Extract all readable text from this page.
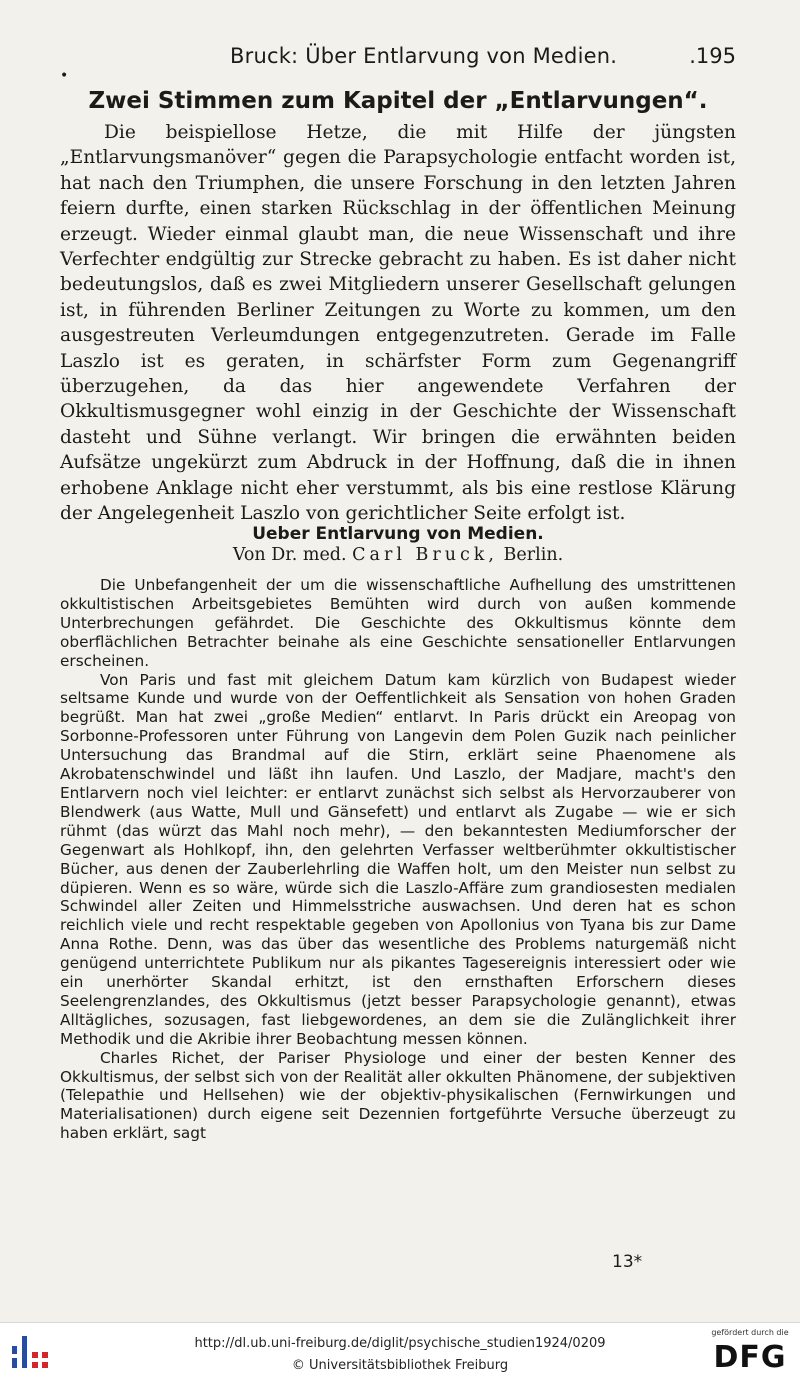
Bruck: Über Entlarvung von Medien.	.195
•
Zwei Stimmen zum Kapitel der „Entlarvungen“.

Die beispiellose Hetze, die mit Hilfe der jüngsten „Entlarvungsmanöver“ gegen die Parapsychologie entfacht worden ist, hat nach den Triumphen, die unsere Forschung in den letzten Jahren feiern durfte, einen starken Rückschlag in der öffentlichen Meinung erzeugt. Wieder einmal glaubt man, die neue Wissenschaft und ihre Verfechter endgültig zur Strecke gebracht zu haben. Es ist daher nicht bedeutungslos, daß es zwei Mitgliedern unserer Gesellschaft gelungen ist, in führenden Berliner Zeitungen zu Worte zu kommen, um den ausgestreuten Verleumdungen entgegenzutreten. Gerade im Falle Laszlo ist es geraten, in schärfster Form zum Gegenangriff überzugehen, da das hier angewendete Verfahren der Okkultismusgegner wohl einzig in der Geschichte der Wissenschaft dasteht und Sühne verlangt. Wir bringen die erwähnten beiden Aufsätze ungekürzt zum Abdruck in der Hoffnung, daß die in ihnen erhobene Anklage nicht eher verstummt, als bis eine restlose Klärung der Angelegenheit Laszlo von gerichtlicher Seite erfolgt ist.

Ueber Entlarvung von Medien.
Von Dr. med. Carl Bruck, Berlin.

Die Unbefangenheit der um die wissenschaftliche Aufhellung des umstrittenen okkultistischen Arbeitsgebietes Bemühten wird durch von außen kommende Unterbrechungen gefährdet. Die Geschichte des Okkultismus könnte dem oberflächlichen Betrachter beinahe als eine Geschichte sensationeller Entlarvungen erscheinen.

Von Paris und fast mit gleichem Datum kam kürzlich von Budapest wieder seltsame Kunde und wurde von der Oeffentlichkeit als Sensation von hohen Graden begrüßt. Man hat zwei „große Medien“ entlarvt. In Paris drückt ein Areopag von Sorbonne-Professoren unter Führung von Langevin dem Polen Guzik nach peinlicher Untersuchung das Brandmal auf die Stirn, erklärt seine Phaenomene als Akrobatenschwindel und läßt ihn laufen. Und Laszlo, der Madjare, macht's den Entlarvern noch viel leichter: er entlarvt zunächst sich selbst als Hervorzauberer von Blendwerk (aus Watte, Mull und Gänsefett) und entlarvt als Zugabe — wie er sich rühmt (das würzt das Mahl noch mehr), — den bekanntesten Mediumforscher der Gegenwart als Hohlkopf, ihn, den gelehrten Verfasser weltberühmter okkultistischer Bücher, aus denen der Zauberlehrling die Waffen holt, um den Meister nun selbst zu düpieren. Wenn es so wäre, würde sich die Laszlo-Affäre zum grandiosesten medialen Schwindel aller Zeiten und Himmelsstriche auswachsen. Und deren hat es schon reichlich viele und recht respektable gegeben von Apollonius von Tyana bis zur Dame Anna Rothe. Denn, was das über das wesentliche des Problems naturgemäß nicht genügend unterrichtete Publikum nur als pikantes Tagesereignis interessiert oder wie ein unerhörter Skandal erhitzt, ist den ernsthaften Erforschern dieses Seelengrenzlandes, des Okkultismus (jetzt besser Parapsychologie genannt), etwas Alltägliches, sozusagen, fast liebgewordenes, an dem sie die Zulänglichkeit ihrer Methodik und die Akribie ihrer Beobachtung messen können.

Charles Richet, der Pariser Physiologe und einer der besten Kenner des Okkultismus, der selbst sich von der Realität aller okkulten Phänomene, der subjektiven (Telepathie und Hellsehen) wie der objektiv-physikalischen (Fernwirkungen und Materialisationen) durch eigene seit Dezennien fortgeführte Versuche überzeugt zu haben erklärt, sagt

13*
http://dl.ub.uni-freiburg.de/diglit/psychische_studien1924/0209
© Universitätsbibliothek Freiburg
gefördert durch die
DFG
